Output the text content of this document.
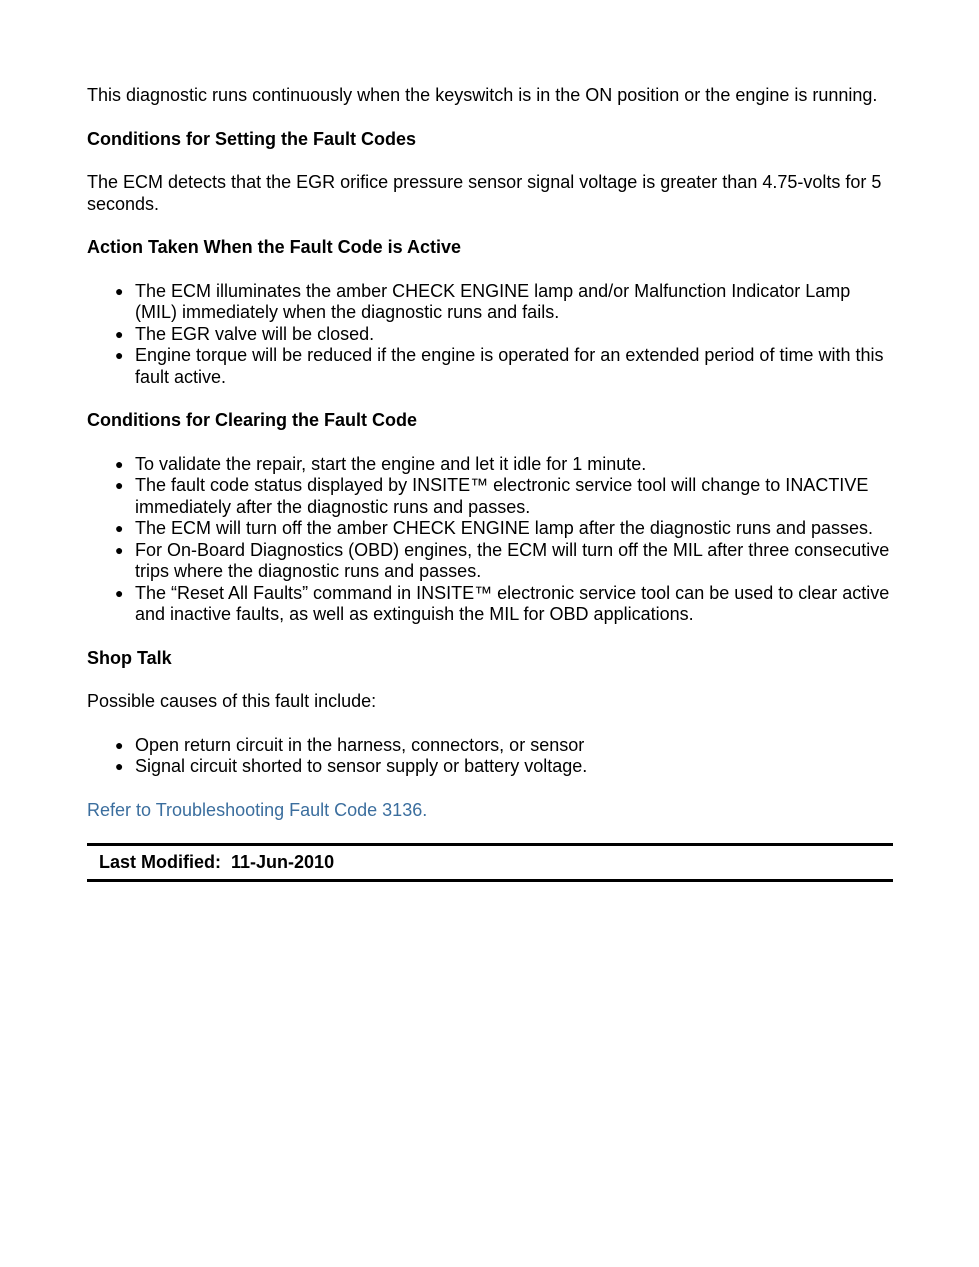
This diagnostic runs continuously when the keyswitch is in the ON position or the engine is running.

Conditions for Setting the Fault Codes

The ECM detects that the EGR orifice pressure sensor signal voltage is greater than 4.75-volts for 5 seconds.

Action Taken When the Fault Code is Active
● The ECM illuminates the amber CHECK ENGINE lamp and/or Malfunction Indicator Lamp (MIL) immediately when the diagnostic runs and fails.
● The EGR valve will be closed.
● Engine torque will be reduced if the engine is operated for an extended period of time with this fault active.
Conditions for Clearing the Fault Code
● To validate the repair, start the engine and let it idle for 1 minute.
● The fault code status displayed by INSITE™ electronic service tool will change to INACTIVE immediately after the diagnostic runs and passes.
● The ECM will turn off the amber CHECK ENGINE lamp after the diagnostic runs and passes.
● For On-Board Diagnostics (OBD) engines, the ECM will turn off the MIL after three consecutive trips where the diagnostic runs and passes.
● The “Reset All Faults” command in INSITE™ electronic service tool can be used to clear active and inactive faults, as well as extinguish the MIL for OBD applications.
Shop Talk

Possible causes of this fault include:

● Open return circuit in the harness, connectors, or sensor
● Signal circuit shorted to sensor supply or battery voltage.

Refer to Troubleshooting Fault Code 3136.

Last Modified: 11-Jun-2010
